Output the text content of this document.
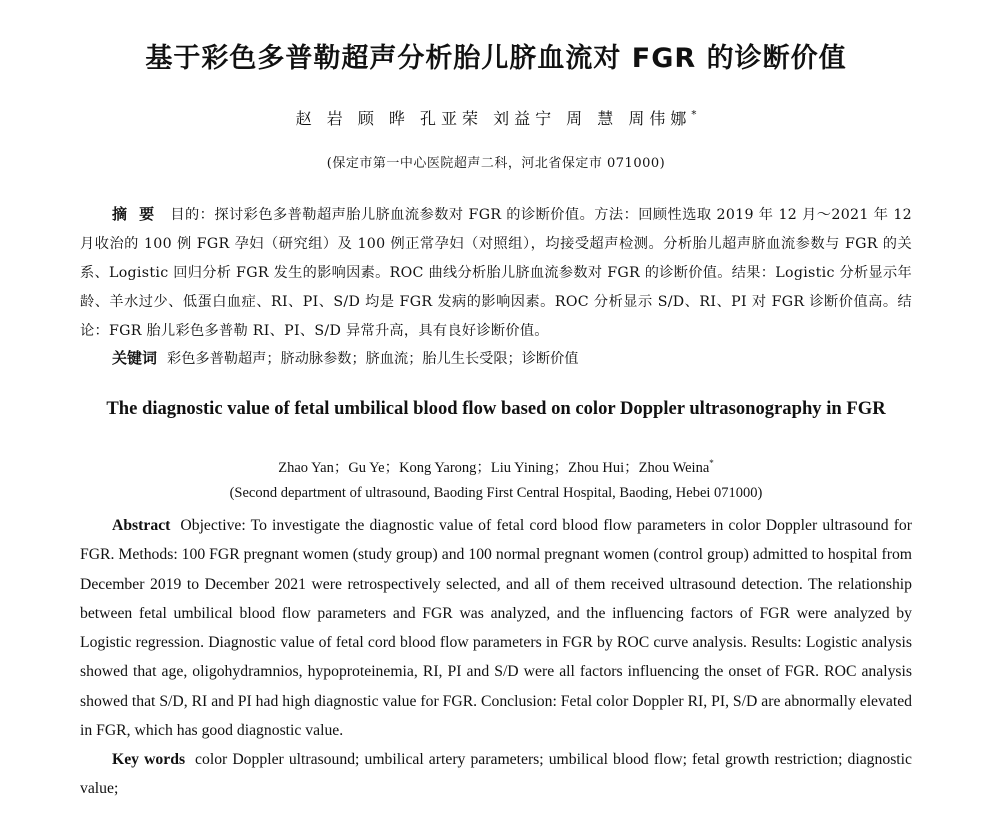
基于彩色多普勒超声分析胎儿脐血流对 FGR 的诊断价值
赵 岩 顾 晔 孔亚荣 刘益宁 周 慧 周伟娜*
(保定市第一中心医院超声二科，河北省保定市 071000)
摘要 目的：探讨彩色多普勒超声胎儿脐血流参数对 FGR 的诊断价值。方法：回顾性选取 2019 年 12 月～2021 年 12 月收治的 100 例 FGR 孕妇（研究组）及 100 例正常孕妇（对照组），均接受超声检测。分析胎儿超声脐血流参数与 FGR 的关系、Logistic 回归分析 FGR 发生的影响因素。ROC 曲线分析胎儿脐血流参数对 FGR 的诊断价值。结果：Logistic 分析显示年龄、羊水过少、低蛋白血症、RI、PI、S/D 均是 FGR 发病的影响因素。ROC 分析显示 S/D、RI、PI 对 FGR 诊断价值高。结论：FGR 胎儿彩色多普勒 RI、PI、S/D 异常升高，具有良好诊断价值。
关键词 彩色多普勒超声；脐动脉参数；脐血流；胎儿生长受限；诊断价值
The diagnostic value of fetal umbilical blood flow based on color Doppler ultrasonography in FGR
Zhao Yan；Gu Ye；Kong Yarong；Liu Yining；Zhou Hui；Zhou Weina*
(Second department of ultrasound, Baoding First Central Hospital, Baoding, Hebei 071000)
Abstract Objective: To investigate the diagnostic value of fetal cord blood flow parameters in color Doppler ultrasound for FGR. Methods: 100 FGR pregnant women (study group) and 100 normal pregnant women (control group) admitted to hospital from December 2019 to December 2021 were retrospectively selected, and all of them received ultrasound detection. The relationship between fetal umbilical blood flow parameters and FGR was analyzed, and the influencing factors of FGR were analyzed by Logistic regression. Diagnostic value of fetal cord blood flow parameters in FGR by ROC curve analysis. Results: Logistic analysis showed that age, oligohydramnios, hypoproteinemia, RI, PI and S/D were all factors influencing the onset of FGR. ROC analysis showed that S/D, RI and PI had high diagnostic value for FGR. Conclusion: Fetal color Doppler RI, PI, S/D are abnormally elevated in FGR, which has good diagnostic value.
Key words color Doppler ultrasound; umbilical artery parameters; umbilical blood flow; fetal growth restriction; diagnostic value;
